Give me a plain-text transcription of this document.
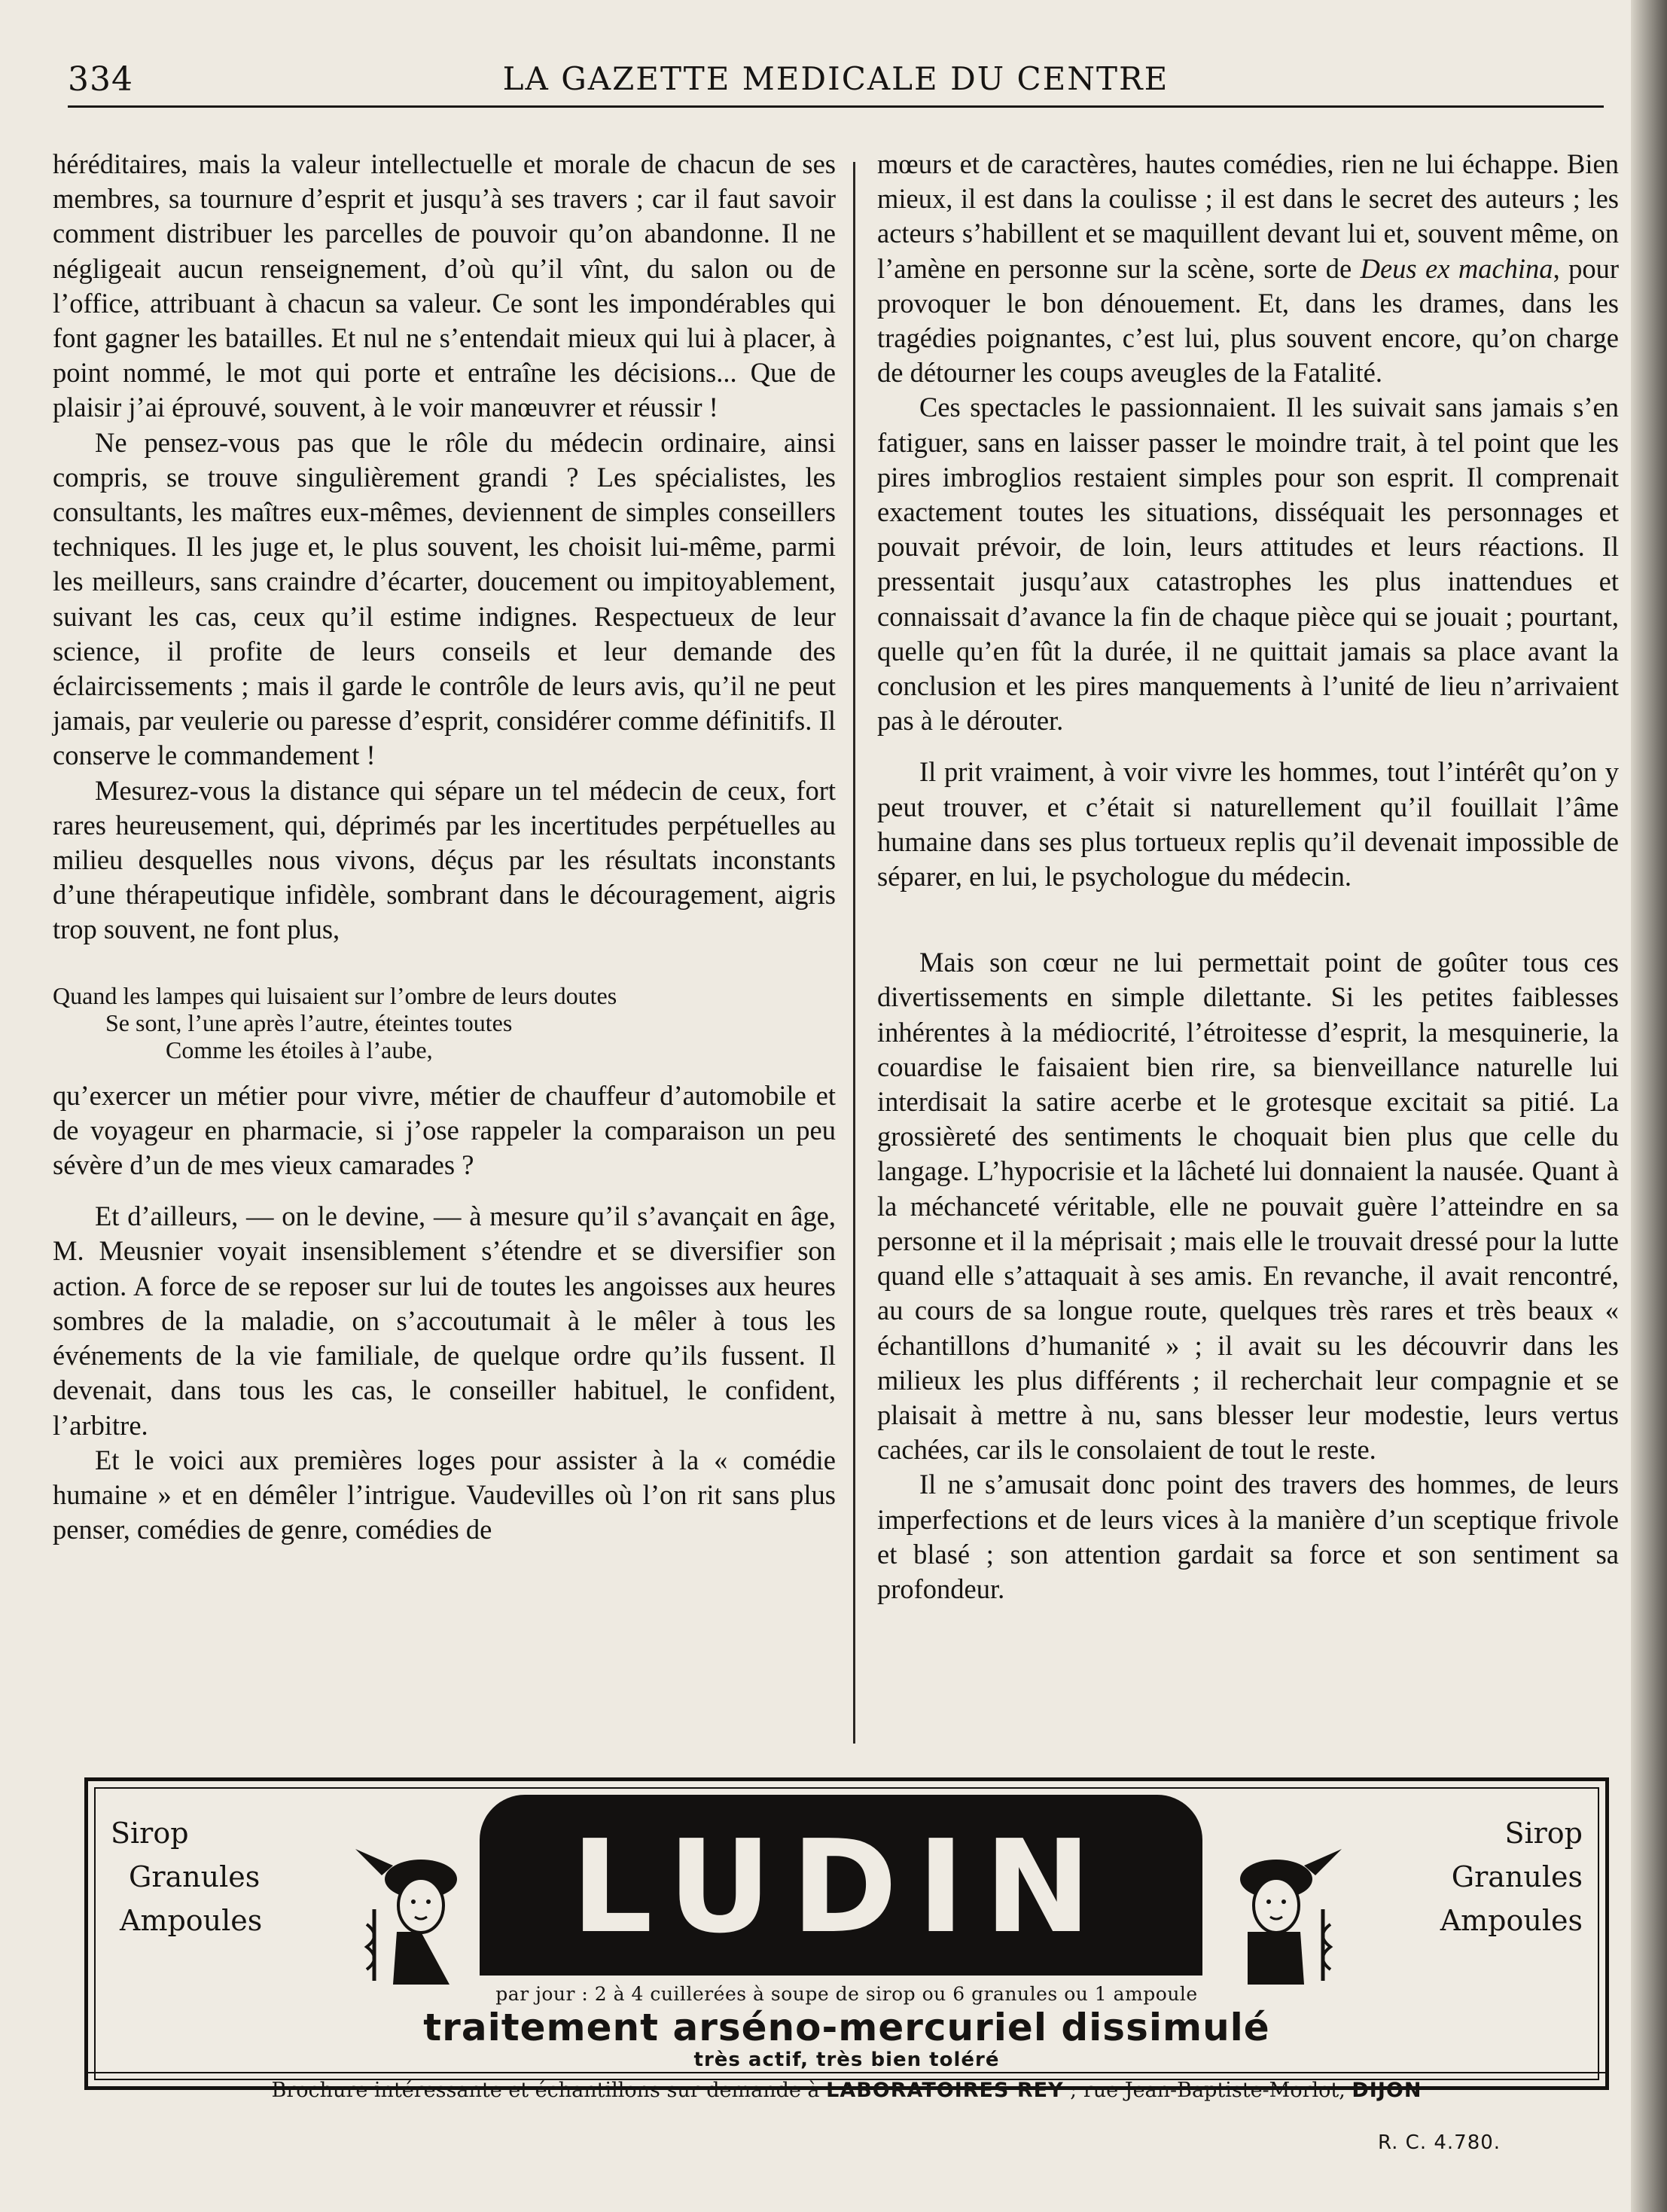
334	LA GAZETTE MEDICALE DU CENTRE

héréditaires, mais la valeur intellectuelle et morale de chacun de ses membres, sa tournure d’esprit et jusqu’à ses travers ; car il faut savoir comment distribuer les parcelles de pouvoir qu’on abandonne. Il ne négligeait aucun renseignement, d’où qu’il vînt, du salon ou de l’office, attribuant à chacun sa valeur. Ce sont les impondérables qui font gagner les batailles. Et nul ne s’entendait mieux qui lui à placer, à point nommé, le mot qui porte et entraîne les décisions... Que de plaisir j’ai éprouvé, souvent, à le voir manœuvrer et réussir !

Ne pensez-vous pas que le rôle du médecin ordinaire, ainsi compris, se trouve singulièrement grandi ? Les spécialistes, les consultants, les maîtres eux-mêmes, deviennent de simples conseillers techniques. Il les juge et, le plus souvent, les choisit lui-même, parmi les meilleurs, sans craindre d’écarter, doucement ou impitoyablement, suivant les cas, ceux qu’il estime indignes. Respectueux de leur science, il profite de leurs conseils et leur demande des éclaircissements ; mais il garde le contrôle de leurs avis, qu’il ne peut jamais, par veulerie ou paresse d’esprit, considérer comme définitifs. Il conserve le commandement !

Mesurez-vous la distance qui sépare un tel médecin de ceux, fort rares heureusement, qui, déprimés par les incertitudes perpétuelles au milieu desquelles nous vivons, déçus par les résultats inconstants d’une thérapeutique infidèle, sombrant dans le découragement, aigris trop souvent, ne font plus,

Quand les lampes qui luisaient sur l’ombre de leurs doutes
Se sont, l’une après l’autre, éteintes toutes
Comme les étoiles à l’aube,

qu’exercer un métier pour vivre, métier de chauffeur d’automobile et de voyageur en pharmacie, si j’ose rappeler la comparaison un peu sévère d’un de mes vieux camarades ?

Et d’ailleurs, — on le devine, — à mesure qu’il s’avançait en âge, M. Meusnier voyait insensiblement s’étendre et se diversifier son action. A force de se reposer sur lui de toutes les angoisses aux heures sombres de la maladie, on s’accoutumait à le mêler à tous les événements de la vie familiale, de quelque ordre qu’ils fussent. Il devenait, dans tous les cas, le conseiller habituel, le confident, l’arbitre.

Et le voici aux premières loges pour assister à la « comédie humaine » et en démêler l’intrigue. Vaudevilles où l’on rit sans plus penser, comédies de genre, comédies de

mœurs et de caractères, hautes comédies, rien ne lui échappe. Bien mieux, il est dans la coulisse ; il est dans le secret des auteurs ; les acteurs s’habillent et se maquillent devant lui et, souvent même, on l’amène en personne sur la scène, sorte de Deus ex machina, pour provoquer le bon dénouement. Et, dans les drames, dans les tragédies poignantes, c’est lui, plus souvent encore, qu’on charge de détourner les coups aveugles de la Fatalité.

Ces spectacles le passionnaient. Il les suivait sans jamais s’en fatiguer, sans en laisser passer le moindre trait, à tel point que les pires imbroglios restaient simples pour son esprit. Il comprenait exactement toutes les situations, disséquait les personnages et pouvait prévoir, de loin, leurs attitudes et leurs réactions. Il pressentait jusqu’aux catastrophes les plus inattendues et connaissait d’avance la fin de chaque pièce qui se jouait ; pourtant, quelle qu’en fût la durée, il ne quittait jamais sa place avant la conclusion et les pires manquements à l’unité de lieu n’arrivaient pas à le dérouter.

Il prit vraiment, à voir vivre les hommes, tout l’intérêt qu’on y peut trouver, et c’était si naturellement qu’il fouillait l’âme humaine dans ses plus tortueux replis qu’il devenait impossible de séparer, en lui, le psychologue du médecin.

Mais son cœur ne lui permettait point de goûter tous ces divertissements en simple dilettante. Si les petites faiblesses inhérentes à la médiocrité, l’étroitesse d’esprit, la mesquinerie, la couardise le faisaient bien rire, sa bienveillance naturelle lui interdisait la satire acerbe et le grotesque excitait sa pitié. La grossièreté des sentiments le choquait bien plus que celle du langage. L’hypocrisie et la lâcheté lui donnaient la nausée. Quant à la méchanceté véritable, elle ne pouvait guère l’atteindre en sa personne et il la méprisait ; mais elle le trouvait dressé pour la lutte quand elle s’attaquait à ses amis. En revanche, il avait rencontré, au cours de sa longue route, quelques très rares et très beaux « échantillons d’humanité » ; il avait su les découvrir dans les milieux les plus différents ; il recherchait leur compagnie et se plaisait à mettre à nu, sans blesser leur modestie, leurs vertus cachées, car ils le consolaient de tout le reste.

Il ne s’amusait donc point des travers des hommes, de leurs imperfections et de leurs vices à la manière d’un sceptique frivole et blasé ; son attention gardait sa force et son sentiment sa profondeur.

Sirop
Granules
Ampoules	LUDIN	Sirop
Granules
Ampoules
par jour : 2 à 4 cuillerées à soupe de sirop ou 6 granules ou 1 ampoule
traitement arséno-mercuriel dissimulé
très actif, très bien toléré
Brochure intéressante et échantillons sur demande à LABORATOIRES REY ; rue Jean-Baptiste-Morlot, DIJON
R. C. 4.780.
